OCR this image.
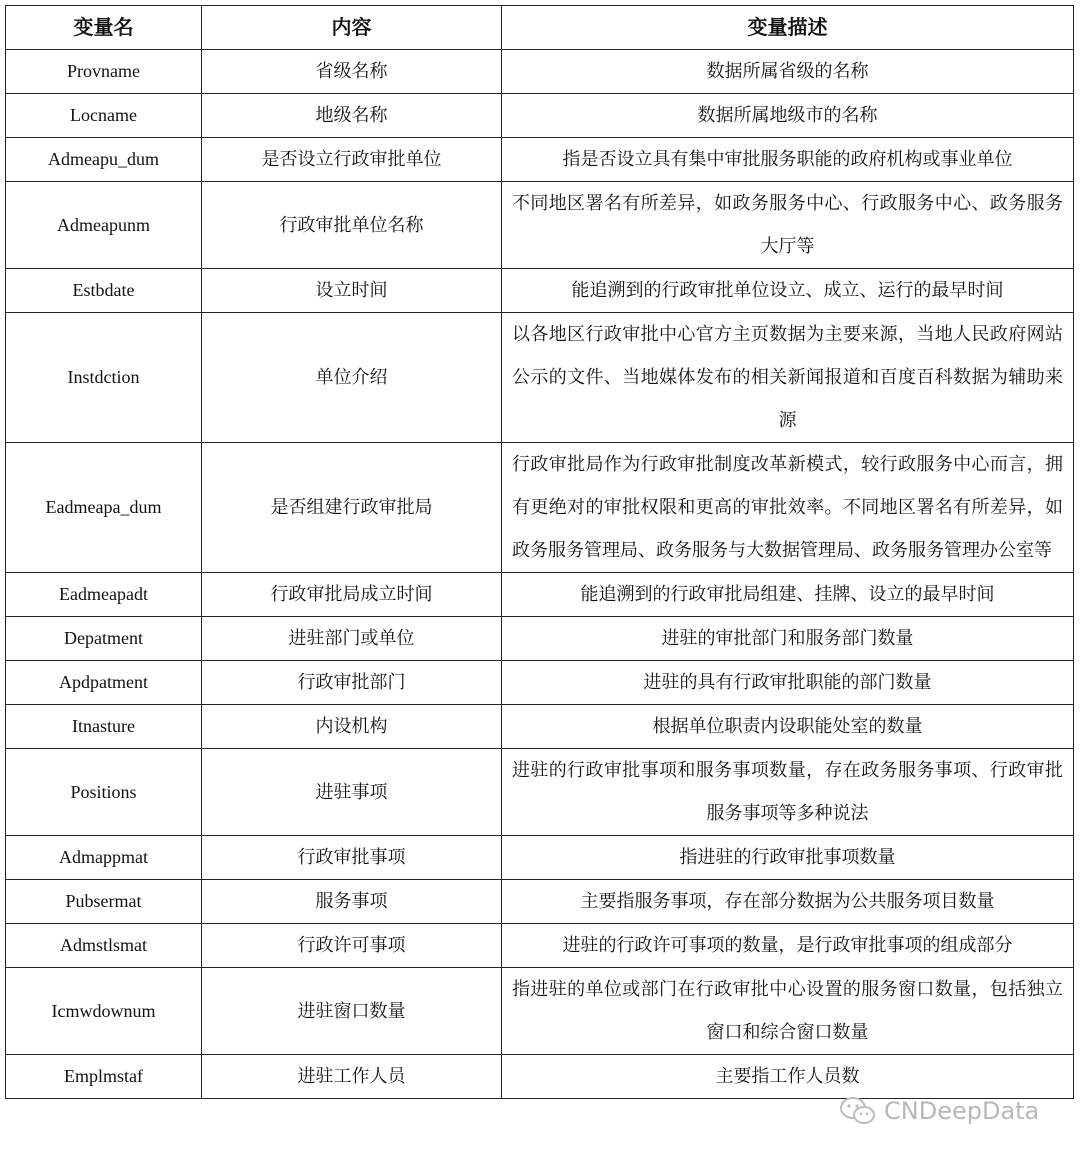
变量名	内容	变量描述
Provname	省级名称	数据所属省级的名称
Locname	地级名称	数据所属地级市的名称
Admeapu_dum	是否设立行政审批单位	指是否设立具有集中审批服务职能的政府机构或事业单位
Admeapunm	行政审批单位名称	不同地区署名有所差异，如政务服务中心、行政服务中心、政务服务大厅等
Estbdate	设立时间	能追溯到的行政审批单位设立、成立、运行的最早时间
Instdction	单位介绍	以各地区行政审批中心官方主页数据为主要来源，当地人民政府网站公示的文件、当地媒体发布的相关新闻报道和百度百科数据为辅助来源
Eadmeapa_dum	是否组建行政审批局	行政审批局作为行政审批制度改革新模式，较行政服务中心而言，拥有更绝对的审批权限和更高的审批效率。不同地区署名有所差异，如政务服务管理局、政务服务与大数据管理局、政务服务管理办公室等
Eadmeapadt	行政审批局成立时间	能追溯到的行政审批局组建、挂牌、设立的最早时间
Depatment	进驻部门或单位	进驻的审批部门和服务部门数量
Apdpatment	行政审批部门	进驻的具有行政审批职能的部门数量
Itnasture	内设机构	根据单位职责内设职能处室的数量
Positions	进驻事项	进驻的行政审批事项和服务事项数量，存在政务服务事项、行政审批服务事项等多种说法
Admappmat	行政审批事项	指进驻的行政审批事项数量
Pubsermat	服务事项	主要指服务事项，存在部分数据为公共服务项目数量
Admstlsmat	行政许可事项	进驻的行政许可事项的数量，是行政审批事项的组成部分
Icmwdownum	进驻窗口数量	指进驻的单位或部门在行政审批中心设置的服务窗口数量，包括独立窗口和综合窗口数量
Emplmstaf	进驻工作人员	主要指工作人员数
CNDeepData
